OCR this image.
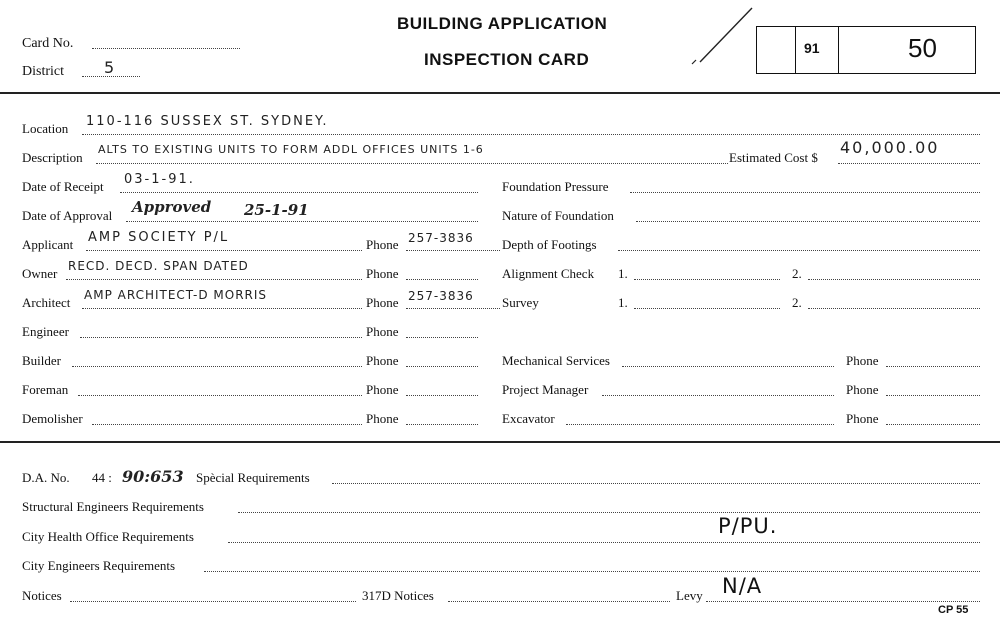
Card No.
District	5
BUILDING APPLICATION
INSPECTION CARD
91	50
Location 110-116 SUSSEX ST. SYDNEY.
Description
ALTS TO EXISTING UNITS TO FORM ADDL OFFICES UNITS 1-6
Estimated Cost $
40,000.00
Date of Receipt 03-1-91.	Foundation Pressure
Date of Approval Approved 25-1-91	Nature of Foundation
Applicant AMP SOCIETY P/L	Phone 257-3836 Depth of Footings
Owner RECD. DECD. SPAN DATED	Phone	Alignment Check 1.	2.
Architect AMP ARCHITECT-D MORRIS	Phone 257-3836 Survey	1.	2.
Engineer	Phone
Builder	Phone	Mechanical Services	Phone
Foreman	Phone	Project Manager	Phone
Demolisher	Phone	Excavator	Phone
D.A. No. 44 : 90:653 Spècial Requirements
Structural Engineers Requirements
City Health Office Requirements	P/PU.
City Engineers Requirements
Notices	317D Notices	Levy N/A
CP 55
